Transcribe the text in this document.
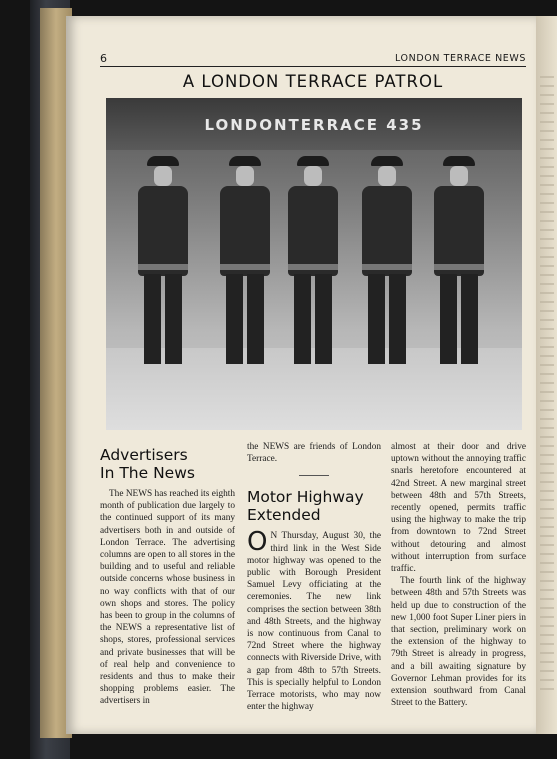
6	LONDON TERRACE NEWS
A LONDON TERRACE PATROL
LONDONTERRACE 435
Advertisers
In The News

The NEWS has reached its eighth month of publication due largely to the continued support of its many advertisers both in and outside of London Terrace. The advertising columns are open to all stores in the building and to useful and reliable outside concerns whose business in no way conflicts with that of our own shops and stores. The policy has been to group in the columns of the NEWS a representative list of shops, stores, professional services and private businesses that will be of real help and convenience to residents and thus to make their shopping problems easier. The advertisers in

the NEWS are friends of London Terrace.

Motor Highway
Extended

O N Thursday, August 30, the third link in the West Side motor highway was opened to the public with Borough President Samuel Levy officiating at the ceremonies. The new link comprises the section between 38th and 48th Streets, and the highway is now continuous from Canal to 72nd Street where the highway connects with Riverside Drive, with a gap from 48th to 57th Streets. This is specially helpful to London Terrace motorists, who may now enter the highway

almost at their door and drive uptown without the annoying traffic snarls heretofore encountered at 42nd Street. A new marginal street between 48th and 57th Streets, recently opened, permits traffic using the highway to make the trip from downtown to 72nd Street without detouring and almost without interruption from surface traffic.

The fourth link of the highway between 48th and 57th Streets was held up due to construction of the new 1,000 foot Super Liner piers in that section, preliminary work on the extension of the highway to 79th Street is already in progress, and a bill awaiting signature by Governor Lehman provides for its extension southward from Canal Street to the Battery.
